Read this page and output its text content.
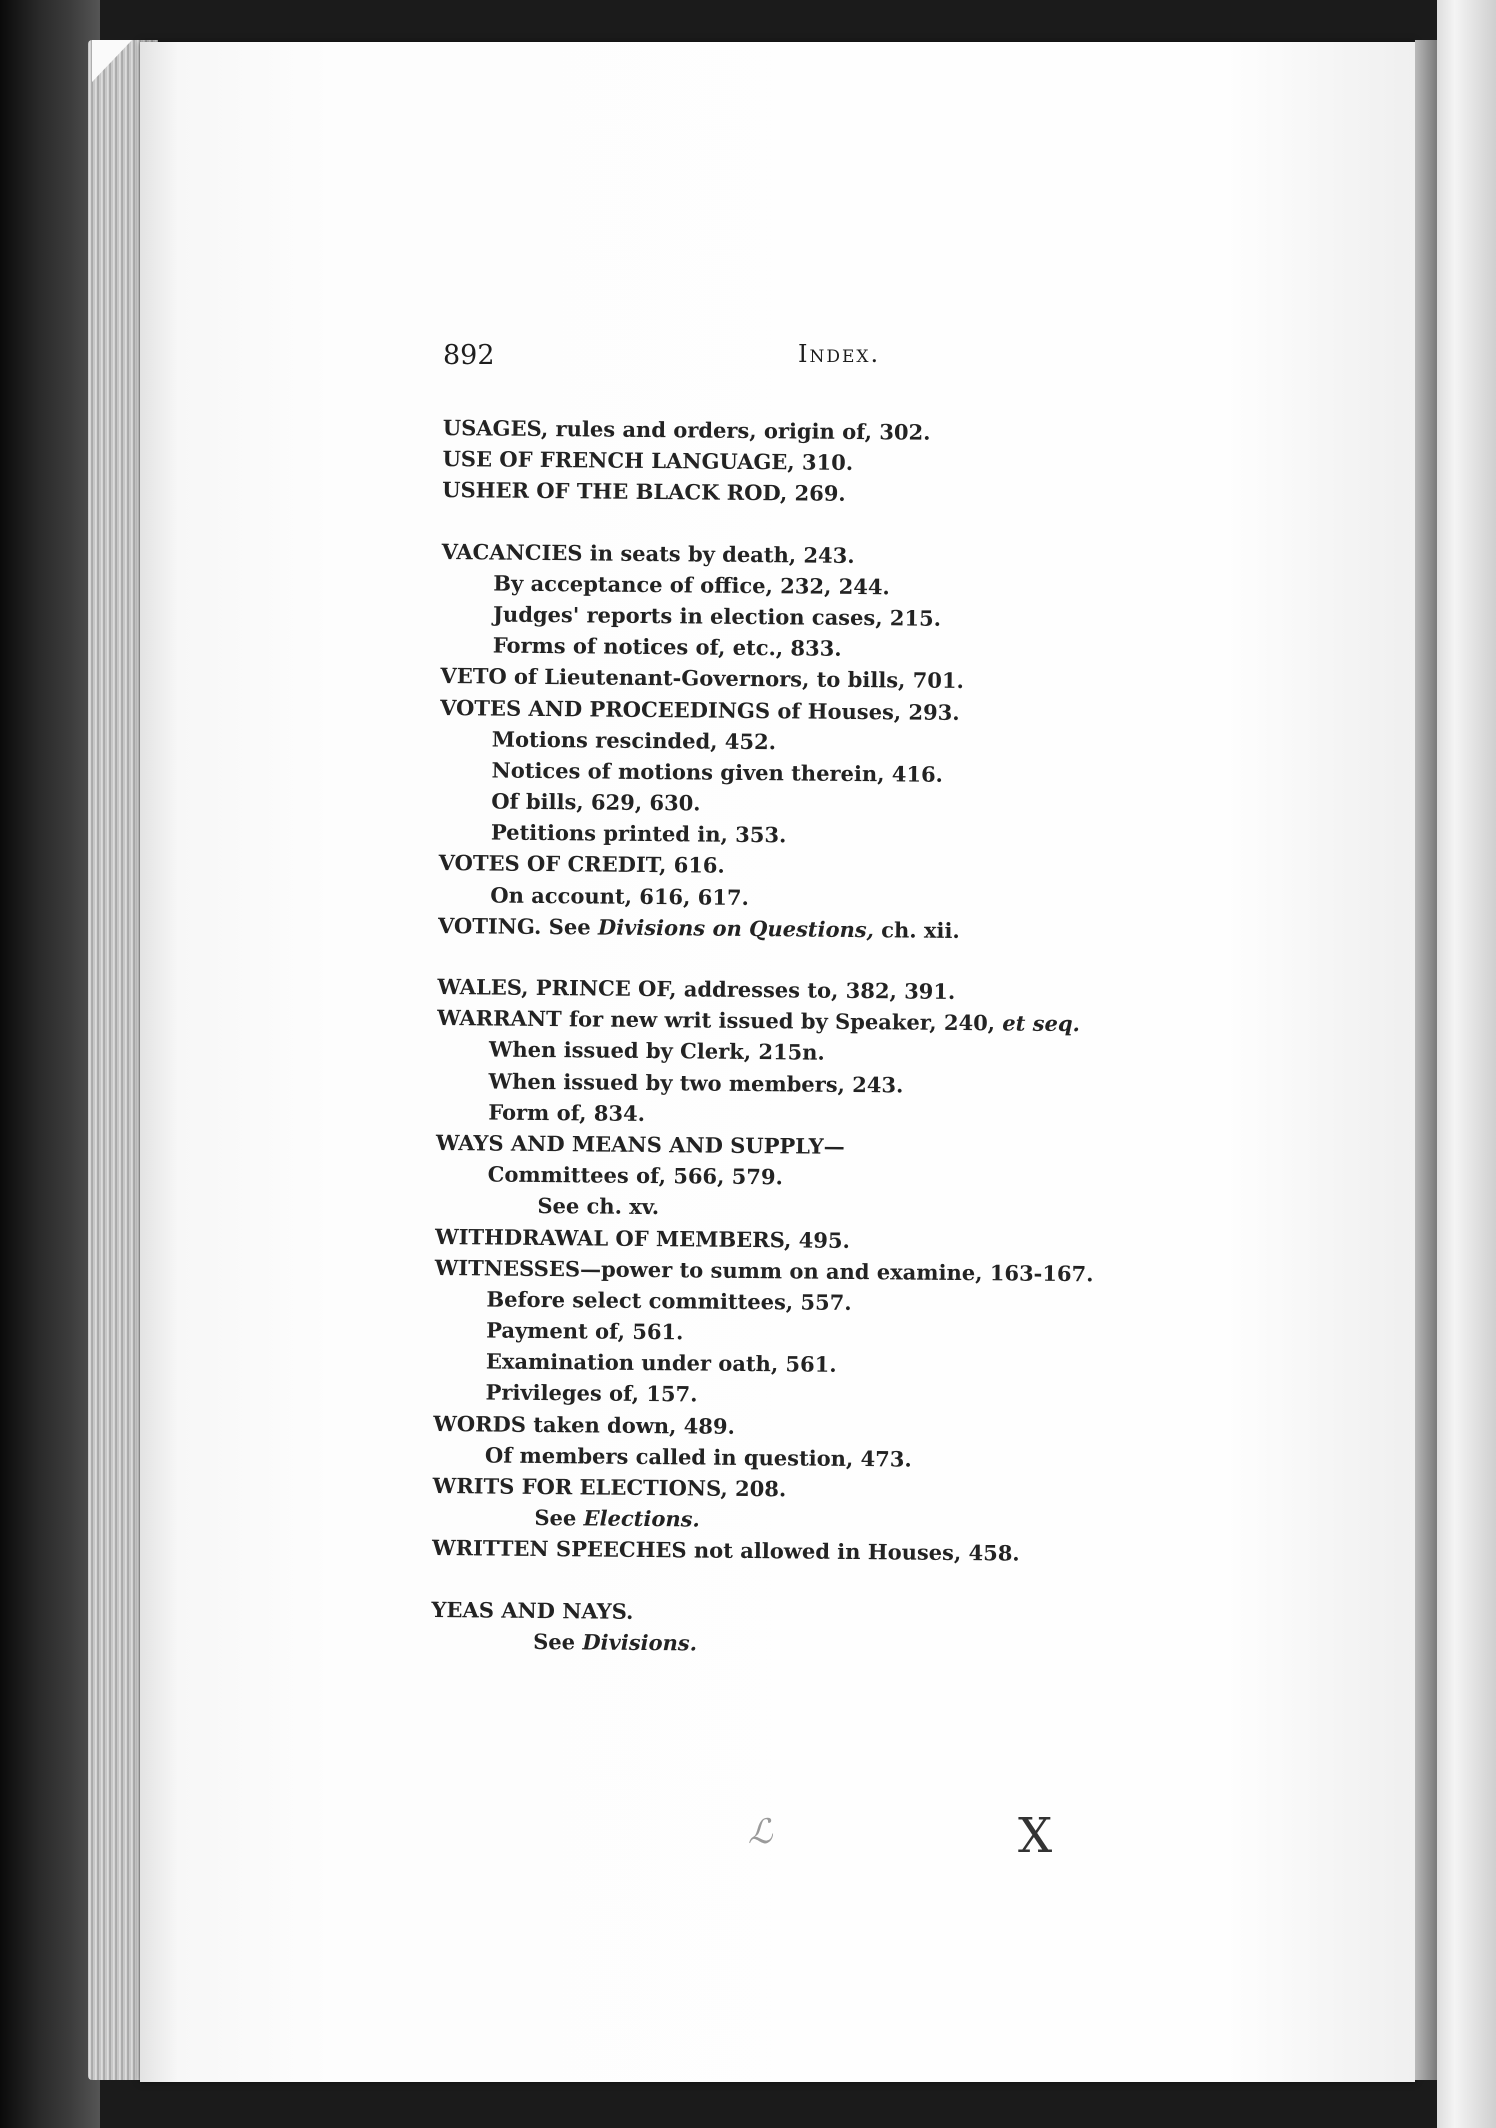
892	Index.
USAGES, rules and orders, origin of, 302.
USE OF FRENCH LANGUAGE, 310.
USHER OF THE BLACK ROD, 269.
VACANCIES in seats by death, 243.
By acceptance of office, 232, 244.
Judges' reports in election cases, 215.
Forms of notices of, etc., 833.
VETO of Lieutenant-Governors, to bills, 701.
VOTES AND PROCEEDINGS of Houses, 293.
Motions rescinded, 452.
Notices of motions given therein, 416.
Of bills, 629, 630.
Petitions printed in, 353.
VOTES OF CREDIT, 616.
On account, 616, 617.
VOTING. See Divisions on Questions, ch. xii.
WALES, PRINCE OF, addresses to, 382, 391.
WARRANT for new writ issued by Speaker, 240, et seq.
When issued by Clerk, 215n.
When issued by two members, 243.
Form of, 834.
WAYS AND MEANS AND SUPPLY—
Committees of, 566, 579.
See ch. xv.
WITHDRAWAL OF MEMBERS, 495.
WITNESSES—power to summ on and examine, 163-167.
Before select committees, 557.
Payment of, 561.
Examination under oath, 561.
Privileges of, 157.
WORDS taken down, 489.
Of members called in question, 473.
WRITS FOR ELECTIONS, 208.
See Elections.
WRITTEN SPEECHES not allowed in Houses, 458.
YEAS AND NAYS.
See Divisions.
ℒ	X
